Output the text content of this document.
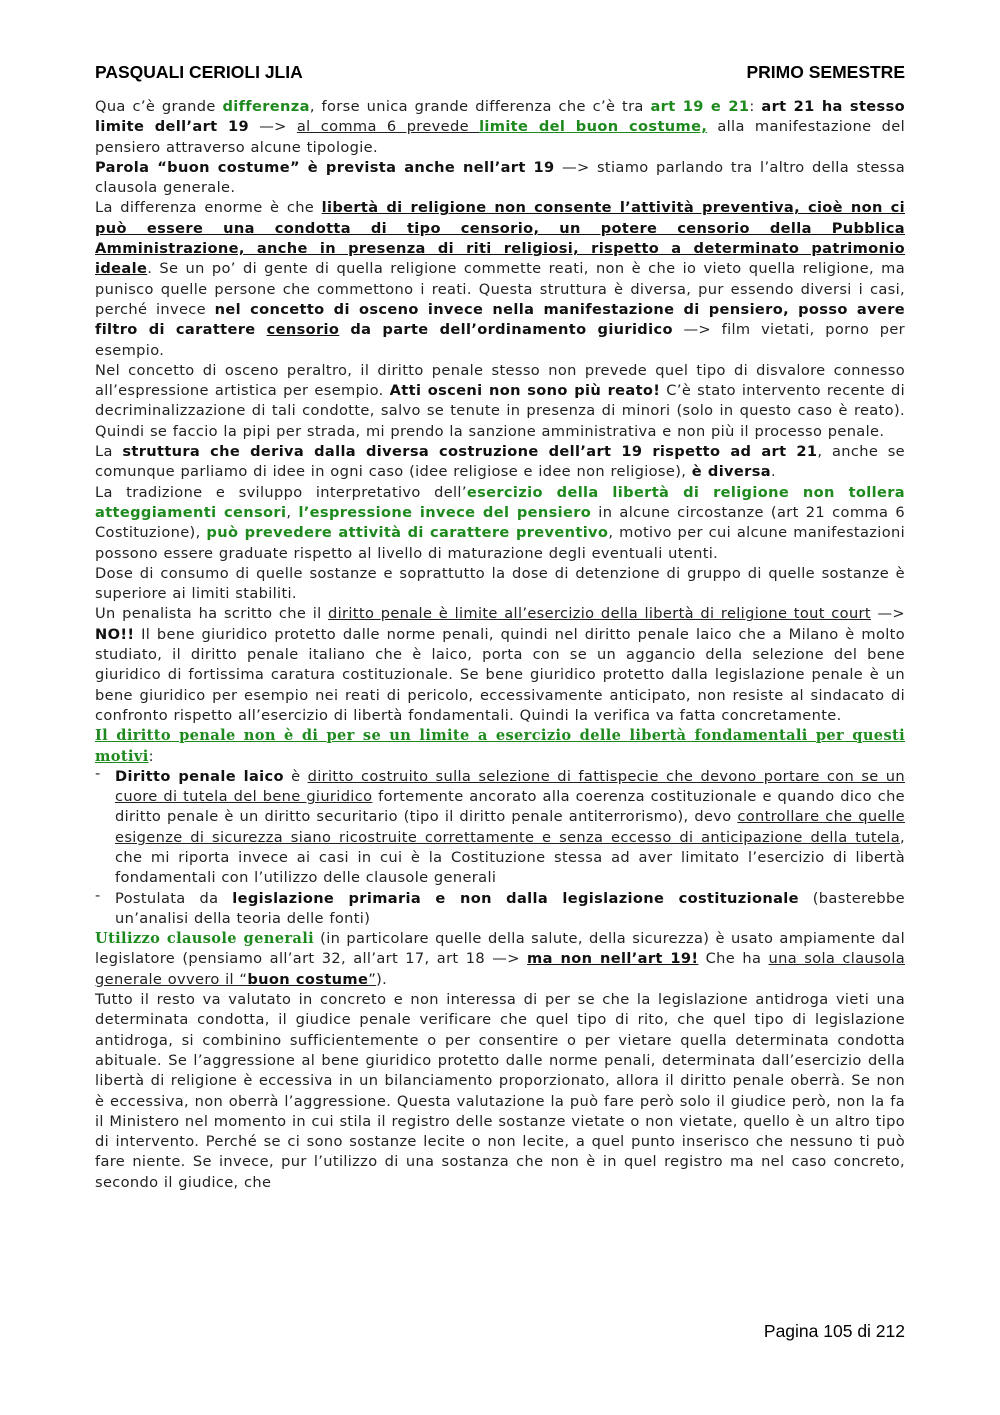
PASQUALI CERIOLI JLIA	PRIMO SEMESTRE

Qua c’è grande differenza, forse unica grande differenza che c’è tra art 19 e 21: art 21 ha stesso limite dell’art 19 —> al comma 6 prevede limite del buon costume, alla manifestazione del pensiero attraverso alcune tipologie.

Parola “buon costume” è prevista anche nell’art 19 —> stiamo parlando tra l’altro della stessa clausola generale.

La differenza enorme è che libertà di religione non consente l’attività preventiva, cioè non ci può essere una condotta di tipo censorio, un potere censorio della Pubblica Amministrazione, anche in presenza di riti religiosi, rispetto a determinato patrimonio ideale. Se un po’ di gente di quella religione commette reati, non è che io vieto quella religione, ma punisco quelle persone che commettono i reati. Questa struttura è diversa, pur essendo diversi i casi, perché invece nel concetto di osceno invece nella manifestazione di pensiero, posso avere filtro di carattere censorio da parte dell’ordinamento giuridico —> film vietati, porno per esempio.

Nel concetto di osceno peraltro, il diritto penale stesso non prevede quel tipo di disvalore connesso all’espressione artistica per esempio. Atti osceni non sono più reato! C’è stato intervento recente di decriminalizzazione di tali condotte, salvo se tenute in presenza di minori (solo in questo caso è reato). Quindi se faccio la pipi per strada, mi prendo la sanzione amministrativa e non più il processo penale.

La struttura che deriva dalla diversa costruzione dell’art 19 rispetto ad art 21, anche se comunque parliamo di idee in ogni caso (idee religiose e idee non religiose), è diversa.

La tradizione e sviluppo interpretativo dell’esercizio della libertà di religione non tollera atteggiamenti censori, l’espressione invece del pensiero in alcune circostanze (art 21 comma 6 Costituzione), può prevedere attività di carattere preventivo, motivo per cui alcune manifestazioni possono essere graduate rispetto al livello di maturazione degli eventuali utenti.

Dose di consumo di quelle sostanze e soprattutto la dose di detenzione di gruppo di quelle sostanze è superiore ai limiti stabiliti.

Un penalista ha scritto che il diritto penale è limite all’esercizio della libertà di religione tout court —> NO!! Il bene giuridico protetto dalle norme penali, quindi nel diritto penale laico che a Milano è molto studiato, il diritto penale italiano che è laico, porta con se un aggancio della selezione del bene giuridico di fortissima caratura costituzionale. Se bene giuridico protetto dalla legislazione penale è un bene giuridico per esempio nei reati di pericolo, eccessivamente anticipato, non resiste al sindacato di confronto rispetto all’esercizio di libertà fondamentali. Quindi la verifica va fatta concretamente.

Il diritto penale non è di per se un limite a esercizio delle libertà fondamentali per questi motivi:

- Diritto penale laico è diritto costruito sulla selezione di fattispecie che devono portare con se un cuore di tutela del bene giuridico fortemente ancorato alla coerenza costituzionale e quando dico che diritto penale è un diritto securitario (tipo il diritto penale antiterrorismo), devo controllare che quelle esigenze di sicurezza siano ricostruite correttamente e senza eccesso di anticipazione della tutela, che mi riporta invece ai casi in cui è la Costituzione stessa ad aver limitato l’esercizio di libertà fondamentali con l’utilizzo delle clausole generali
- Postulata da legislazione primaria e non dalla legislazione costituzionale (basterebbe un’analisi della teoria delle fonti)

Utilizzo clausole generali (in particolare quelle della salute, della sicurezza) è usato ampiamente dal legislatore (pensiamo all’art 32, all’art 17, art 18 —> ma non nell’art 19! Che ha una sola clausola generale ovvero il “buon costume”).

Tutto il resto va valutato in concreto e non interessa di per se che la legislazione antidroga vieti una determinata condotta, il giudice penale verificare che quel tipo di rito, che quel tipo di legislazione antidroga, si combinino sufficientemente o per consentire o per vietare quella determinata condotta abituale. Se l’aggressione al bene giuridico protetto dalle norme penali, determinata dall’esercizio della libertà di religione è eccessiva in un bilanciamento proporzionato, allora il diritto penale oberrà. Se non è eccessiva, non oberrà l’aggressione. Questa valutazione la può fare però solo il giudice però, non la fa il Ministero nel momento in cui stila il registro delle sostanze vietate o non vietate, quello è un altro tipo di intervento. Perché se ci sono sostanze lecite o non lecite, a quel punto inserisco che nessuno ti può fare niente. Se invece, pur l’utilizzo di una sostanza che non è in quel registro ma nel caso concreto, secondo il giudice, che

Pagina 105 di 212
